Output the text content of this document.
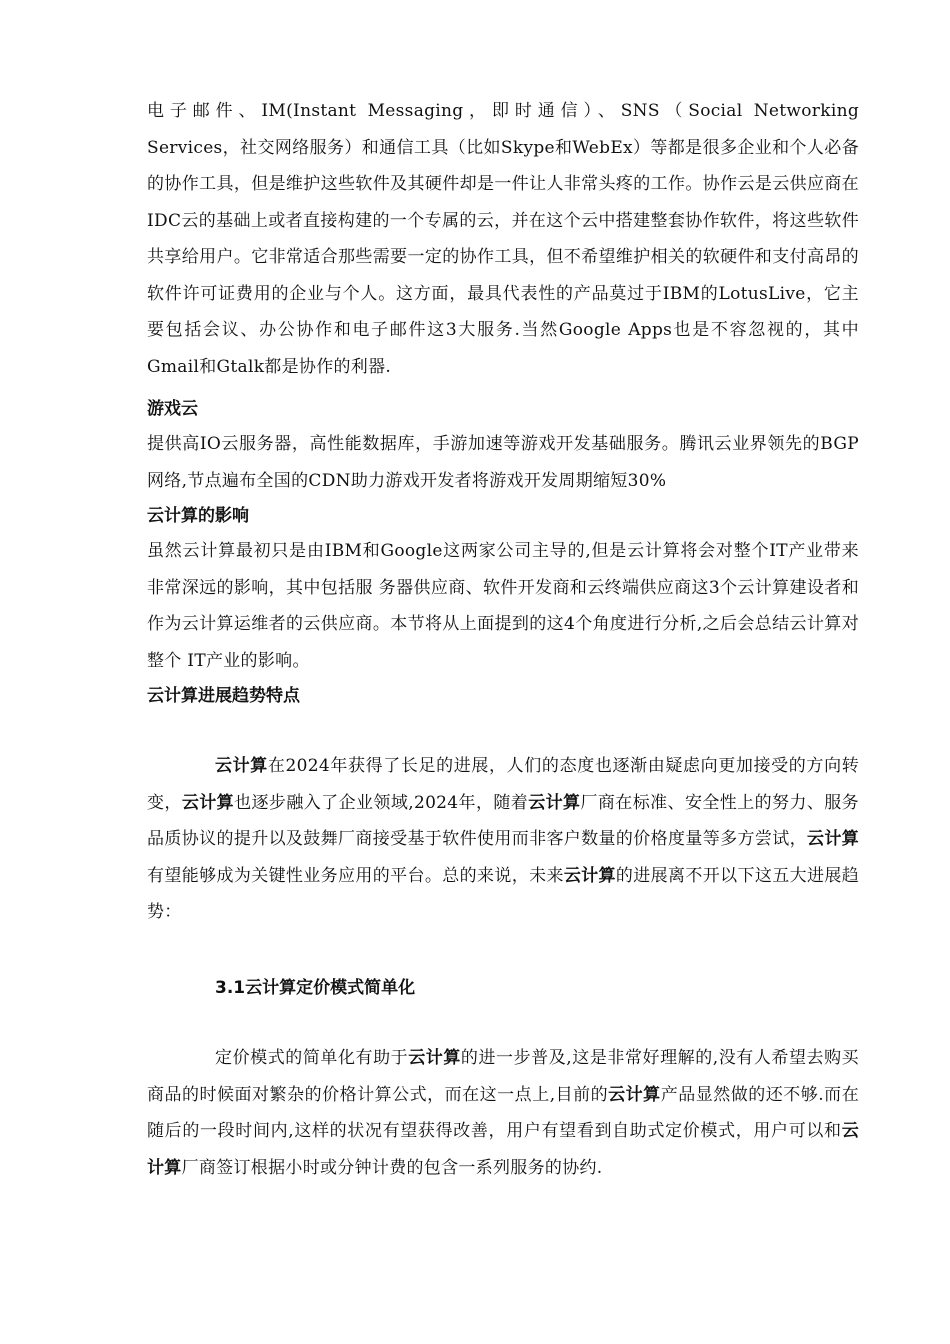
电子邮件、IM(Instant Messaging，即时通信）、SNS（Social Networking Services，社交网络服务）和通信工具（比如Skype和WebEx）等都是很多企业和个人必备的协作工具，但是维护这些软件及其硬件却是一件让人非常头疼的工作。协作云是云供应商在IDC云的基础上或者直接构建的一个专属的云，并在这个云中搭建整套协作软件，将这些软件共享给用户。它非常适合那些需要一定的协作工具，但不希望维护相关的软硬件和支付高昂的软件许可证费用的企业与个人。这方面，最具代表性的产品莫过于IBM的LotusLive，它主要包括会议、办公协作和电子邮件这3大服务.当然Google Apps也是不容忽视的，其中Gmail和Gtalk都是协作的利器.

游戏云

提供高IO云服务器，高性能数据库，手游加速等游戏开发基础服务。腾讯云业界领先的BGP网络,节点遍布全国的CDN助力游戏开发者将游戏开发周期缩短30%

云计算的影响

虽然云计算最初只是由IBM和Google这两家公司主导的,但是云计算将会对整个IT产业带来非常深远的影响，其中包括服 务器供应商、软件开发商和云终端供应商这3个云计算建设者和作为云计算运维者的云供应商。本节将从上面提到的这4个角度进行分析,之后会总结云计算对整个 IT产业的影响。

云计算进展趋势特点

云计算在2024年获得了长足的进展，人们的态度也逐渐由疑虑向更加接受的方向转变，云计算也逐步融入了企业领域,2024年，随着云计算厂商在标准、安全性上的努力、服务品质协议的提升以及鼓舞厂商接受基于软件使用而非客户数量的价格度量等多方尝试，云计算有望能够成为关键性业务应用的平台。总的来说，未来云计算的进展离不开以下这五大进展趋势：

3.1云计算定价模式简单化

定价模式的简单化有助于云计算的进一步普及,这是非常好理解的,没有人希望去购买商品的时候面对繁杂的价格计算公式，而在这一点上,目前的云计算产品显然做的还不够.而在随后的一段时间内,这样的状况有望获得改善，用户有望看到自助式定价模式，用户可以和云计算厂商签订根据小时或分钟计费的包含一系列服务的协约.
